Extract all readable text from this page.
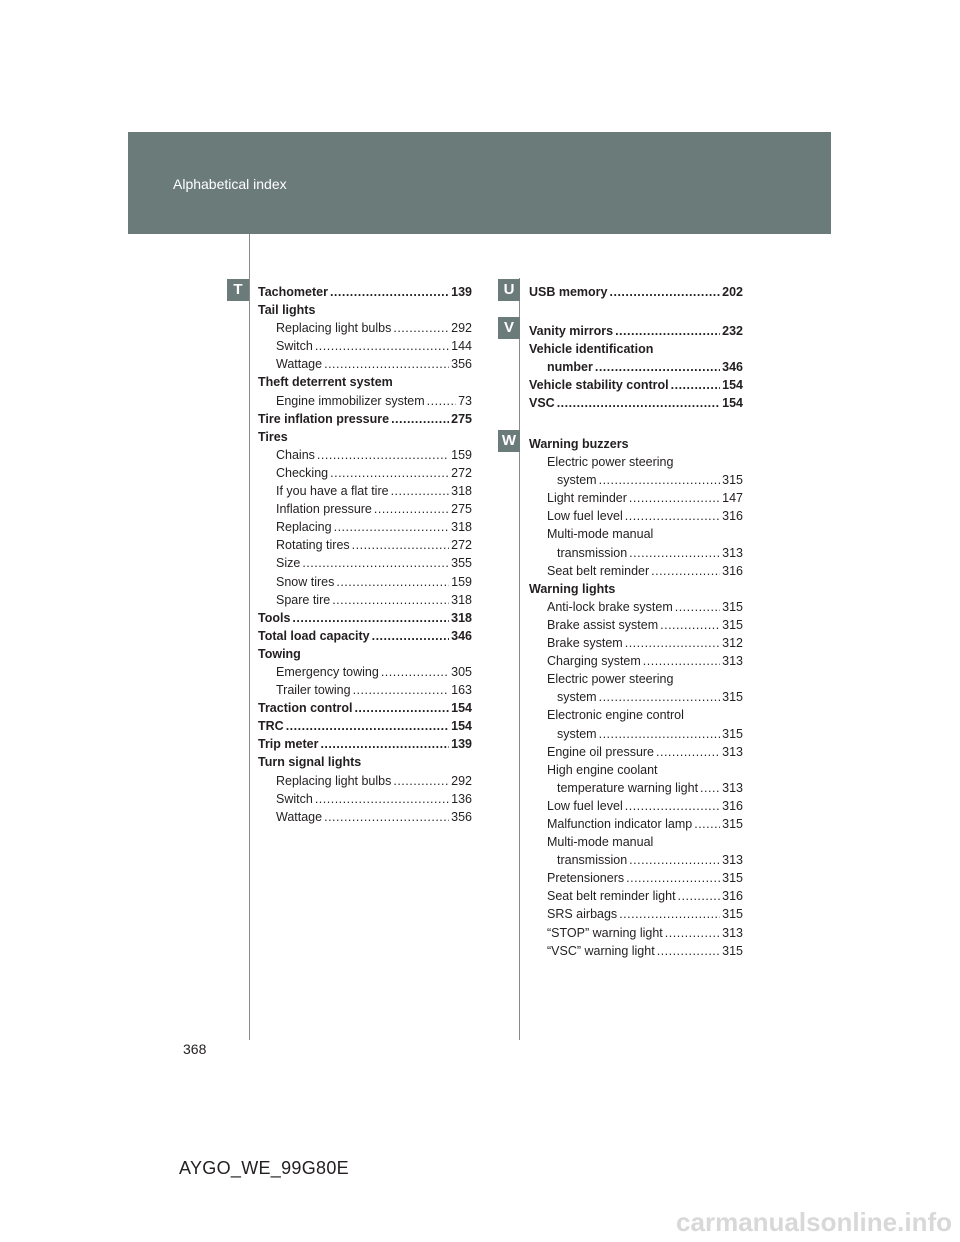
Alphabetical index
T	U
V
W
Tachometer .....	139
Tail lights
Replacing light bulbs .....	292
Switch .....	144
Wattage .....	356
Theft deterrent system
Engine immobilizer system .....	73
Tire inflation pressure .....	275
Tires
Chains .....	159
Checking .....	272
If you have a flat tire .....	318
Inflation pressure .....	275
Replacing .....	318
Rotating tires .....	272
Size .....	355
Snow tires .....	159
Spare tire .....	318
Tools .....	318
Total load capacity .....	346
Towing
Emergency towing .....	305
Trailer towing .....	163
Traction control .....	154
TRC .....	154
Trip meter .....	139
Turn signal lights
Replacing light bulbs .....	292
Switch .....	136
Wattage .....	356
USB memory .....	202
Vanity mirrors .....	232
Vehicle identification
number .....	346
Vehicle stability control .....	154
VSC .....	154
Warning buzzers
Electric power steering
system .....	315
Light reminder .....	147
Low fuel level .....	316
Multi-mode manual
transmission .....	313
Seat belt reminder .....	316
Warning lights
Anti-lock brake system .....	315
Brake assist system .....	315
Brake system .....	312
Charging system .....	313
Electric power steering
system .....	315
Electronic engine control
system .....	315
Engine oil pressure .....	313
High engine coolant
temperature warning light ..... 313
Low fuel level .....	316
Malfunction indicator lamp ..... 315
Multi-mode manual
transmission .....	313
Pretensioners .....	315
Seat belt reminder light .....	316
SRS airbags .....	315
“STOP” warning light .....	313
“VSC” warning light .....	315
368
AYGO_WE_99G80E
carmanualsonline.info
